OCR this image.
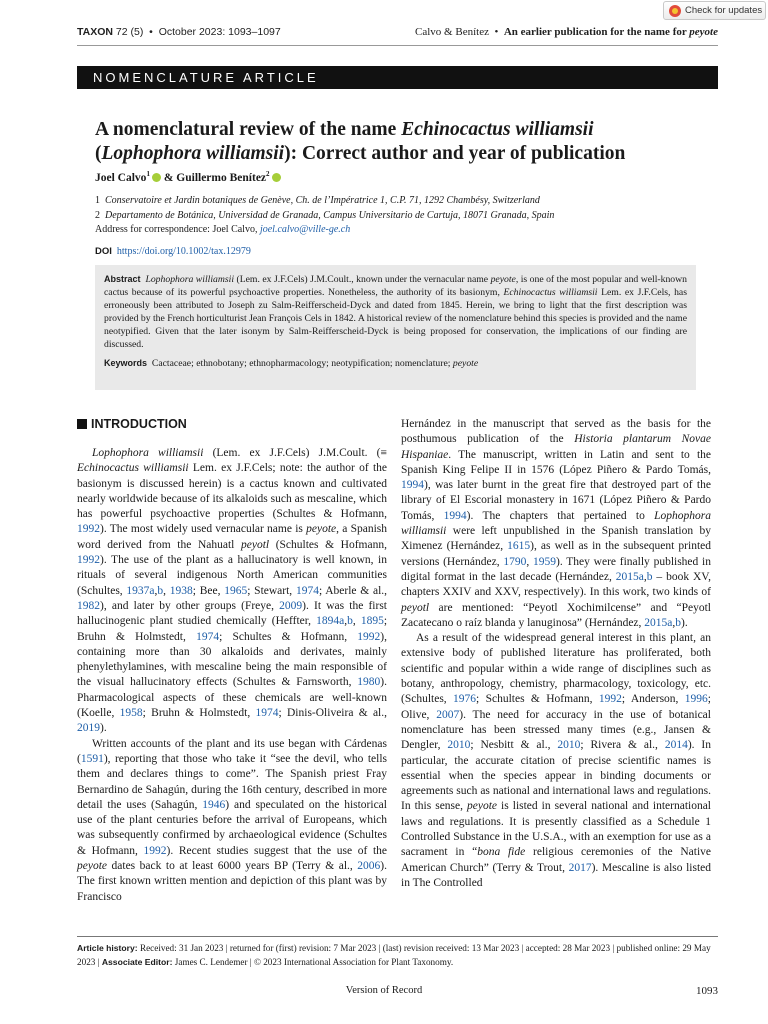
Check for updates
TAXON 72 (5)  •  October 2023: 1093–1097	Calvo & Benítez  •  An earlier publication for the name for peyote
NOMENCLATURE ARTICLE
A nomenclatural review of the name Echinocactus williamsii
(Lophophora williamsii): Correct author and year of publication
Joel Calvo$^1$ & Guillermo Benítez$^2$
1 Conservatoire et Jardin botaniques de Genève, Ch. de l’Impératrice 1, C.P. 71, 1292 Chambésy, Switzerland
2 Departamento de Botánica, Universidad de Granada, Campus Universitario de Cartuja, 18071 Granada, Spain
Address for correspondence: Joel Calvo, joel.calvo@ville-ge.ch
DOI https://doi.org/10.1002/tax.12979

Abstract Lophophora williamsii (Lem. ex J.F.Cels) J.M.Coult., known under the vernacular name peyote, is one of the most popular and well-known cactus because of its powerful psychoactive properties. Nonetheless, the authority of its basionym, Echinocactus williamsii Lem. ex J.F.Cels, has erroneously been attributed to Joseph zu Salm-Reifferscheid-Dyck and dated from 1845. Herein, we bring to light that the first description was provided by the French horticulturist Jean François Cels in 1842. A historical review of the nomenclature behind this species is provided and the name neotypified. Given that the later isonym by Salm-Reifferscheid-Dyck is being proposed for conservation, the implications of our finding are discussed.

Keywords Cactaceae; ethnobotany; ethnopharmacology; neotypification; nomenclature; peyote

INTRODUCTION

Lophophora williamsii (Lem. ex J.F.Cels) J.M.Coult. (≡ Echinocactus williamsii Lem. ex J.F.Cels; note: the author of the basionym is discussed herein) is a cactus known and cultivated nearly worldwide because of its alkaloids such as mescaline, which has powerful psychoactive properties (Schultes & Hofmann, 1992). The most widely used vernacular name is peyote, a Spanish word derived from the Nahuatl peyotl (Schultes & Hofmann, 1992). The use of the plant as a hallucinatory is well known, in rituals of several indigenous North American communities (Schultes, 1937a,b, 1938; Bee, 1965; Stewart, 1974; Aberle & al., 1982), and later by other groups (Freye, 2009). It was the first hallucinogenic plant studied chemically (Heffter, 1894a,b, 1895; Bruhn & Holmstedt, 1974; Schultes & Hofmann, 1992), containing more than 30 alkaloids and derivates, mainly phenylethylamines, with mescaline being the main responsible of the visual hallucinatory effects (Schultes & Farnsworth, 1980). Pharmacological aspects of these chemicals are well-known (Koelle, 1958; Bruhn & Holmstedt, 1974; Dinis-Oliveira & al., 2019).

Written accounts of the plant and its use began with Cárdenas (1591), reporting that those who take it “see the devil, who tells them and declares things to come”. The Spanish priest Fray Bernardino de Sahagún, during the 16th century, described in more detail the uses (Sahagún, 1946) and speculated on the historical use of the plant centuries before the arrival of Europeans, which was subsequently confirmed by archaeological evidence (Schultes & Hofmann, 1992). Recent studies suggest that the use of the peyote dates back to at least 6000 years BP (Terry & al., 2006). The first known written mention and depiction of this plant was by Francisco

Hernández in the manuscript that served as the basis for the posthumous publication of the Historia plantarum Novae Hispaniae. The manuscript, written in Latin and sent to the Spanish King Felipe II in 1576 (López Piñero & Pardo Tomás, 1994), was later burnt in the great fire that destroyed part of the library of El Escorial monastery in 1671 (López Piñero & Pardo Tomás, 1994). The chapters that pertained to Lophophora williamsii were left unpublished in the Spanish translation by Ximenez (Hernández, 1615), as well as in the subsequent printed versions (Hernández, 1790, 1959). They were finally published in digital format in the last decade (Hernández, 2015a,b – book XV, chapters XXIV and XXV, respectively). In this work, two kinds of peyotl are mentioned: “Peyotl Xochimilcense” and “Peyotl Zacatecano o raíz blanda y lanuginosa” (Hernández, 2015a,b).

As a result of the widespread general interest in this plant, an extensive body of published literature has proliferated, both scientific and popular within a wide range of disciplines such as botany, anthropology, chemistry, pharmacology, toxicology, etc. (Schultes, 1976; Schultes & Hofmann, 1992; Anderson, 1996; Olive, 2007). The need for accuracy in the use of botanical nomenclature has been stressed many times (e.g., Jansen & Dengler, 2010; Nesbitt & al., 2010; Rivera & al., 2014). In particular, the accurate citation of precise scientific names is essential when the species appear in binding documents or agreements such as national and international laws and regulations. In this sense, peyote is listed in several national and international laws and regulations. It is presently classified as a Schedule 1 Controlled Substance in the U.S.A., with an exemption for use as a sacrament in “bona fide religious ceremonies of the Native American Church” (Terry & Trout, 2017). Mescaline is also listed in The Controlled

Article history: Received: 31 Jan 2023 | returned for (first) revision: 7 Mar 2023 | (last) revision received: 13 Mar 2023 | accepted: 28 Mar 2023 | published online: 29 May 2023 | Associate Editor: James C. Lendemer | © 2023 International Association for Plant Taxonomy.
Version of Record	1093
